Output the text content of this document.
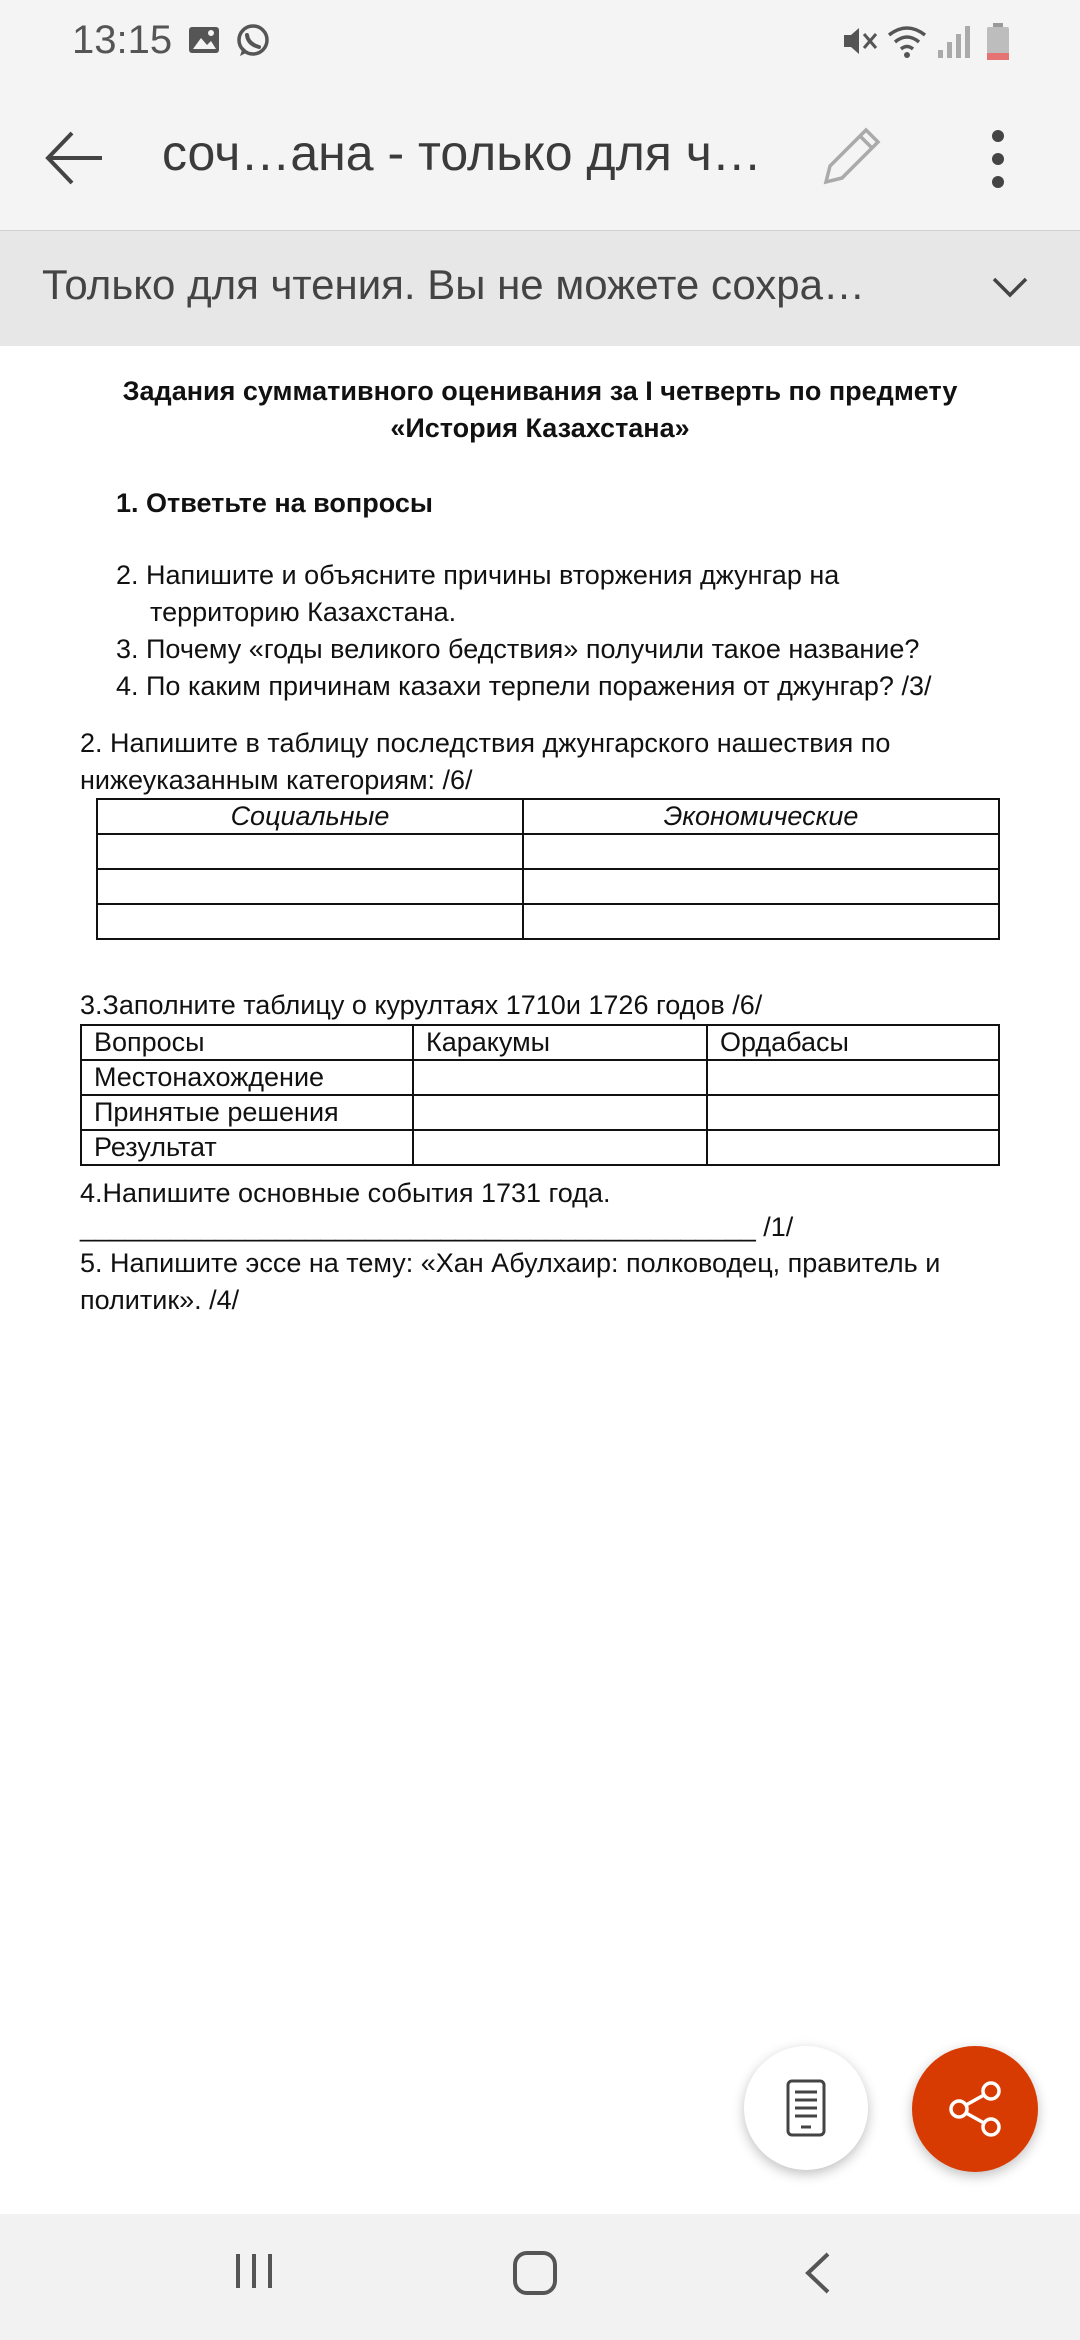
13:15
соч…ана - только для ч…
Только для чтения. Вы не можете сохра…
Задания суммативного оценивания за I четверть по предмету
«История Казахстана»
1. Ответьте на вопросы
2. Напишите и объясните причины вторжения джунгар на
территорию Казахстана.
3. Почему «годы великого бедствия» получили такое название?
4. По каким причинам казахи терпели поражения от джунгар? /3/
2. Напишите в таблицу последствия джунгарского нашествия по
нижеуказанным категориям: /6/
Социальные	Экономические

3.Заполните таблицу о курултаях 1710и 1726 годов /6/
Вопросы	Каракумы	Ордабасы
Местонахождение		
Принятые решения		
Результат		
4.Напишите основные события 1731 года.
_____________________________________________ /1/
5. Напишите эссе на тему: «Хан Абулхаир: полководец, правитель и
политик». /4/
